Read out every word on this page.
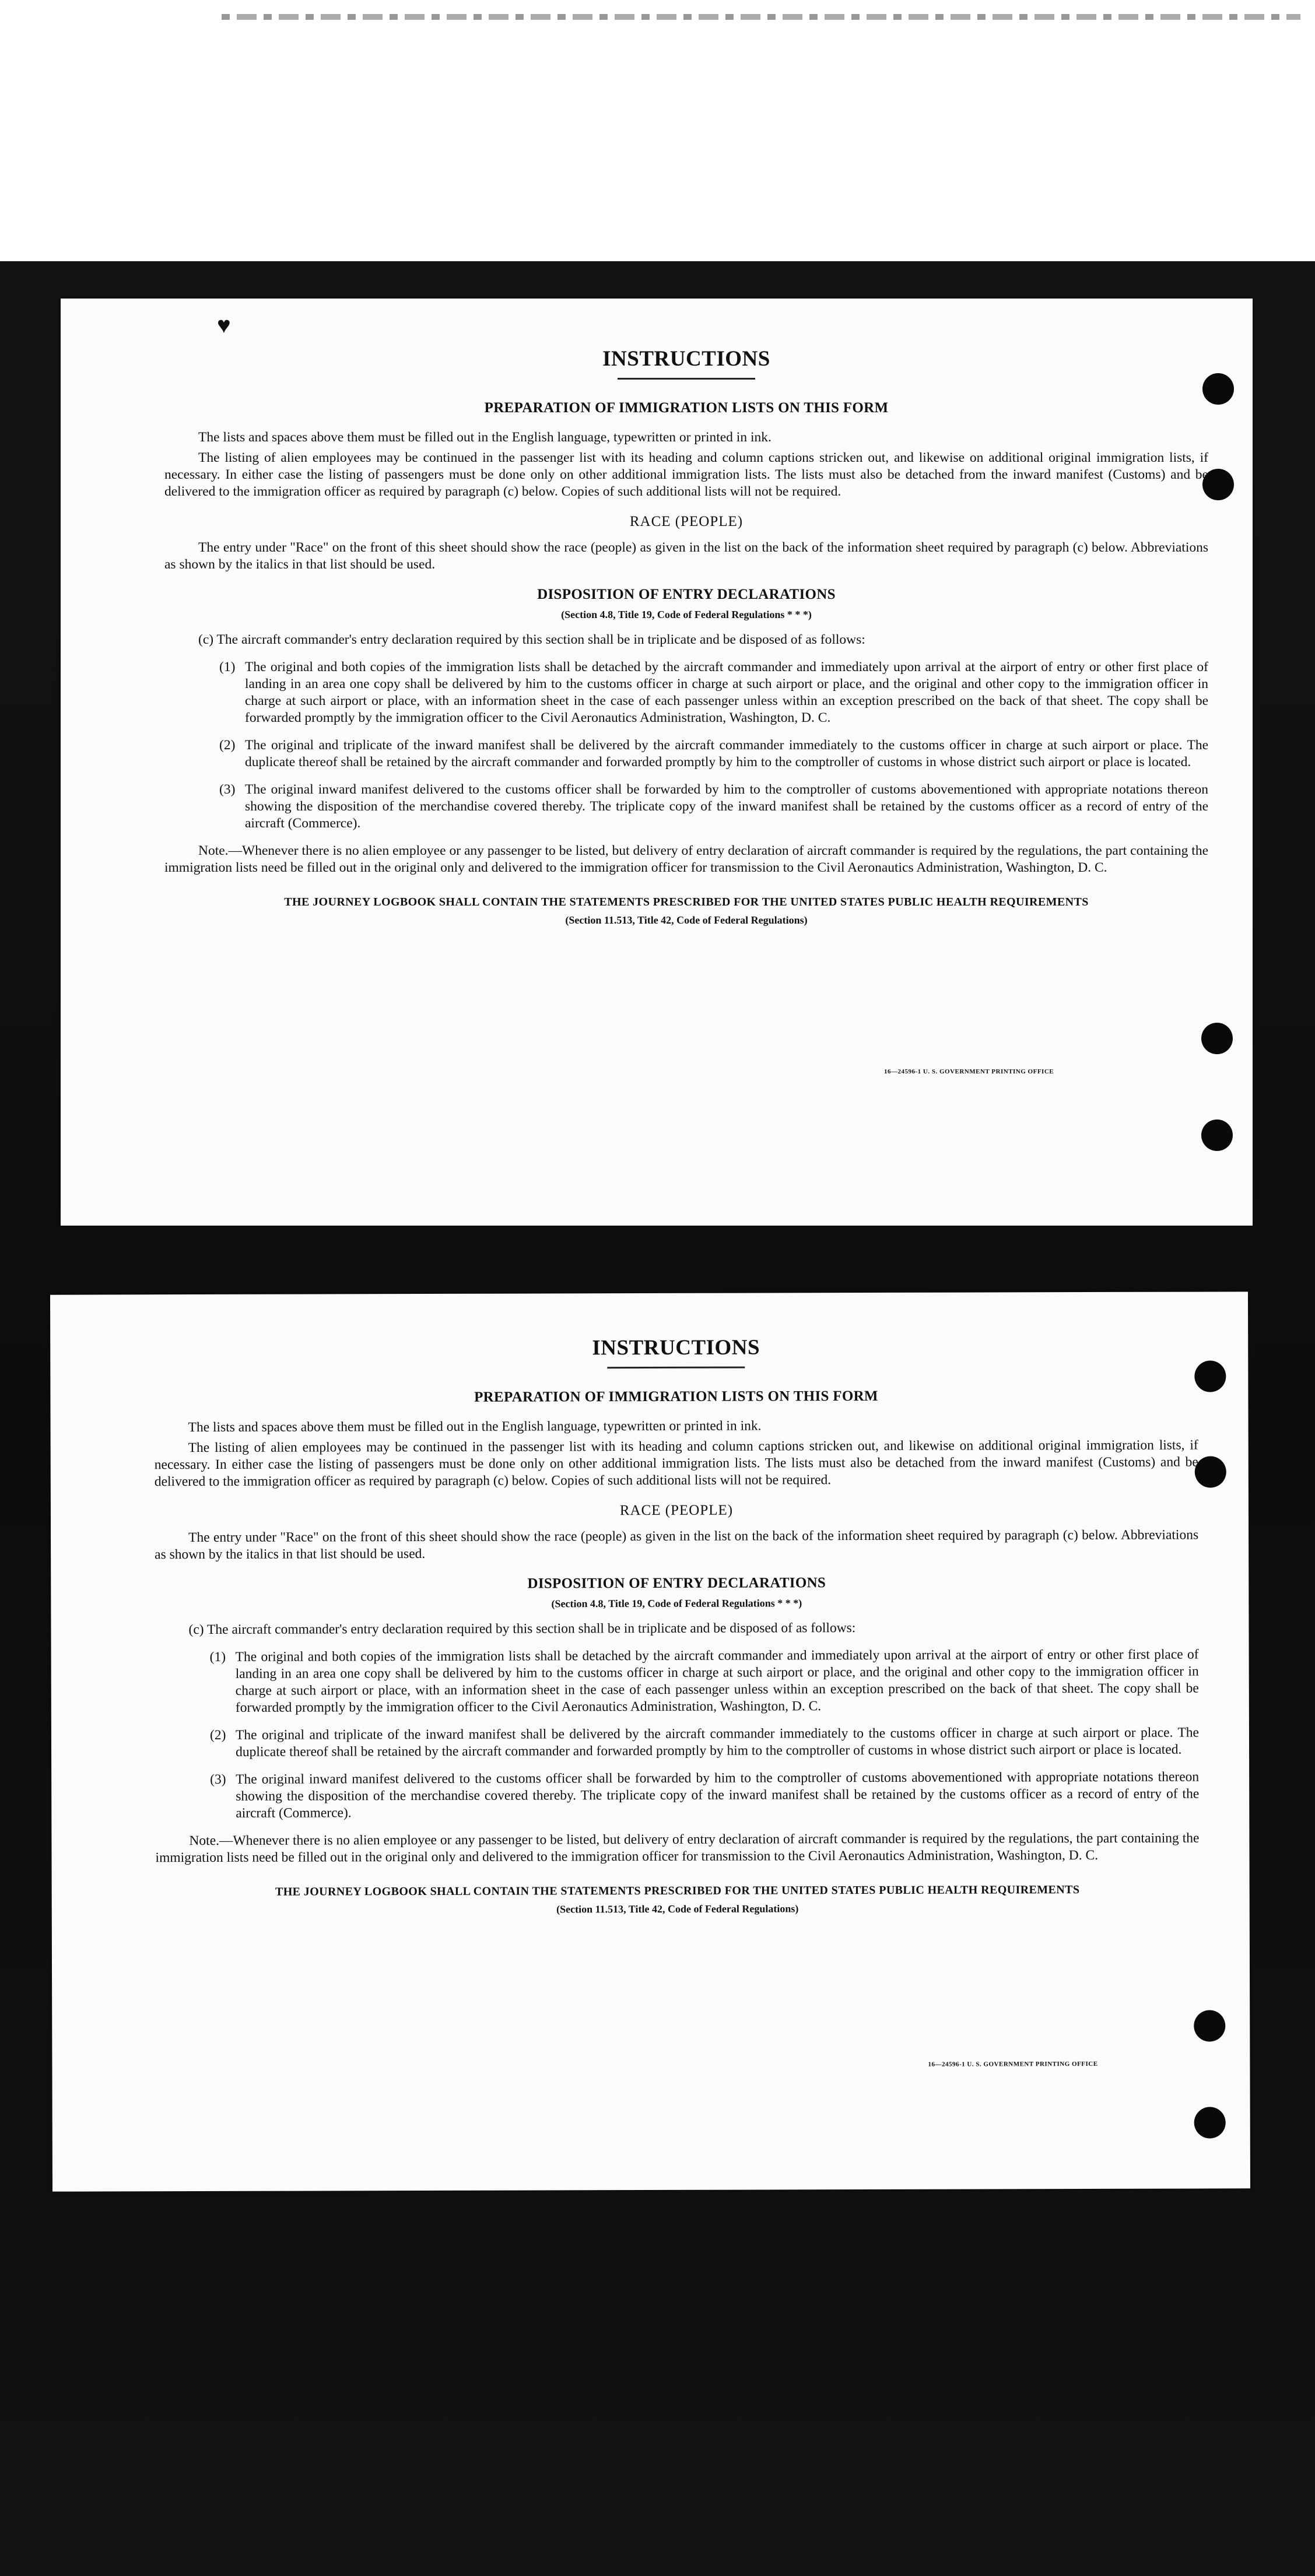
♥
INSTRUCTIONS
PREPARATION OF IMMIGRATION LISTS ON THIS FORM

The lists and spaces above them must be filled out in the English language, typewritten or printed in ink.

The listing of alien employees may be continued in the passenger list with its heading and column captions stricken out, and likewise on additional original immigration lists, if necessary. In either case the listing of passengers must be done only on other additional immigration lists. The lists must also be detached from the inward manifest (Customs) and be delivered to the immigration officer as required by paragraph (c) below. Copies of such additional lists will not be required.

RACE (PEOPLE)

The entry under "Race" on the front of this sheet should show the race (people) as given in the list on the back of the information sheet required by paragraph (c) below. Abbreviations as shown by the italics in that list should be used.

DISPOSITION OF ENTRY DECLARATIONS
(Section 4.8, Title 19, Code of Federal Regulations * * *)

(c) The aircraft commander's entry declaration required by this section shall be in triplicate and be disposed of as follows:

(1) The original and both copies of the immigration lists shall be detached by the aircraft commander and immediately upon arrival at the airport of entry or other first place of landing in an area one copy shall be delivered by him to the customs officer in charge at such airport or place, and the original and other copy to the immigration officer in charge at such airport or place, with an information sheet in the case of each passenger unless within an exception prescribed on the back of that sheet. The copy shall be forwarded promptly by the immigration officer to the Civil Aeronautics Administration, Washington, D. C.
(2) The original and triplicate of the inward manifest shall be delivered by the aircraft commander immediately to the customs officer in charge at such airport or place. The duplicate thereof shall be retained by the aircraft commander and forwarded promptly by him to the comptroller of customs in whose district such airport or place is located.
(3) The original inward manifest delivered to the customs officer shall be forwarded by him to the comptroller of customs abovementioned with appropriate notations thereon showing the disposition of the merchandise covered thereby. The triplicate copy of the inward manifest shall be retained by the customs officer as a record of entry of the aircraft (Commerce).

Note.—Whenever there is no alien employee or any passenger to be listed, but delivery of entry declaration of aircraft commander is required by the regulations, the part containing the immigration lists need be filled out in the original only and delivered to the immigration officer for transmission to the Civil Aeronautics Administration, Washington, D. C.

THE JOURNEY LOGBOOK SHALL CONTAIN THE STATEMENTS PRESCRIBED FOR THE UNITED STATES PUBLIC HEALTH REQUIREMENTS
(Section 11.513, Title 42, Code of Federal Regulations)
16—24596-1 U. S. GOVERNMENT PRINTING OFFICE
INSTRUCTIONS
PREPARATION OF IMMIGRATION LISTS ON THIS FORM

The lists and spaces above them must be filled out in the English language, typewritten or printed in ink.

The listing of alien employees may be continued in the passenger list with its heading and column captions stricken out, and likewise on additional original immigration lists, if necessary. In either case the listing of passengers must be done only on other additional immigration lists. The lists must also be detached from the inward manifest (Customs) and be delivered to the immigration officer as required by paragraph (c) below. Copies of such additional lists will not be required.

RACE (PEOPLE)

The entry under "Race" on the front of this sheet should show the race (people) as given in the list on the back of the information sheet required by paragraph (c) below. Abbreviations as shown by the italics in that list should be used.

DISPOSITION OF ENTRY DECLARATIONS
(Section 4.8, Title 19, Code of Federal Regulations * * *)

(c) The aircraft commander's entry declaration required by this section shall be in triplicate and be disposed of as follows:

(1) The original and both copies of the immigration lists shall be detached by the aircraft commander and immediately upon arrival at the airport of entry or other first place of landing in an area one copy shall be delivered by him to the customs officer in charge at such airport or place, and the original and other copy to the immigration officer in charge at such airport or place, with an information sheet in the case of each passenger unless within an exception prescribed on the back of that sheet. The copy shall be forwarded promptly by the immigration officer to the Civil Aeronautics Administration, Washington, D. C.
(2) The original and triplicate of the inward manifest shall be delivered by the aircraft commander immediately to the customs officer in charge at such airport or place. The duplicate thereof shall be retained by the aircraft commander and forwarded promptly by him to the comptroller of customs in whose district such airport or place is located.
(3) The original inward manifest delivered to the customs officer shall be forwarded by him to the comptroller of customs abovementioned with appropriate notations thereon showing the disposition of the merchandise covered thereby. The triplicate copy of the inward manifest shall be retained by the customs officer as a record of entry of the aircraft (Commerce).

Note.—Whenever there is no alien employee or any passenger to be listed, but delivery of entry declaration of aircraft commander is required by the regulations, the part containing the immigration lists need be filled out in the original only and delivered to the immigration officer for transmission to the Civil Aeronautics Administration, Washington, D. C.

THE JOURNEY LOGBOOK SHALL CONTAIN THE STATEMENTS PRESCRIBED FOR THE UNITED STATES PUBLIC HEALTH REQUIREMENTS
(Section 11.513, Title 42, Code of Federal Regulations)
16—24596-1 U. S. GOVERNMENT PRINTING OFFICE
